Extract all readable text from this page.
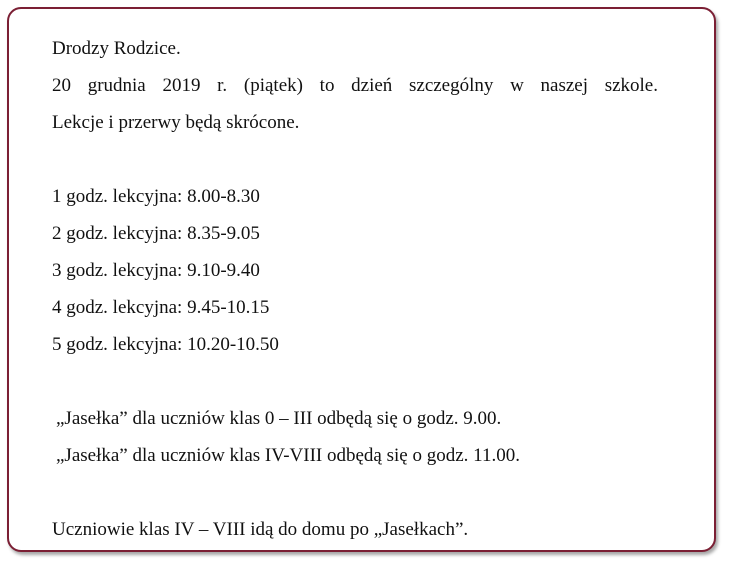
Drodzy Rodzice.
20 grudnia 2019 r. (piątek) to dzień szczególny w naszej szkole.
Lekcje i przerwy będą skrócone.
1 godz. lekcyjna: 8.00-8.30
2 godz. lekcyjna: 8.35-9.05
3 godz. lekcyjna: 9.10-9.40
4 godz. lekcyjna: 9.45-10.15
5 godz. lekcyjna: 10.20-10.50
„Jasełka” dla uczniów klas 0 – III odbędą się o godz. 9.00.
„Jasełka” dla uczniów klas IV-VIII odbędą się o godz. 11.00.
Uczniowie klas IV – VIII idą do domu po „Jasełkach”.
